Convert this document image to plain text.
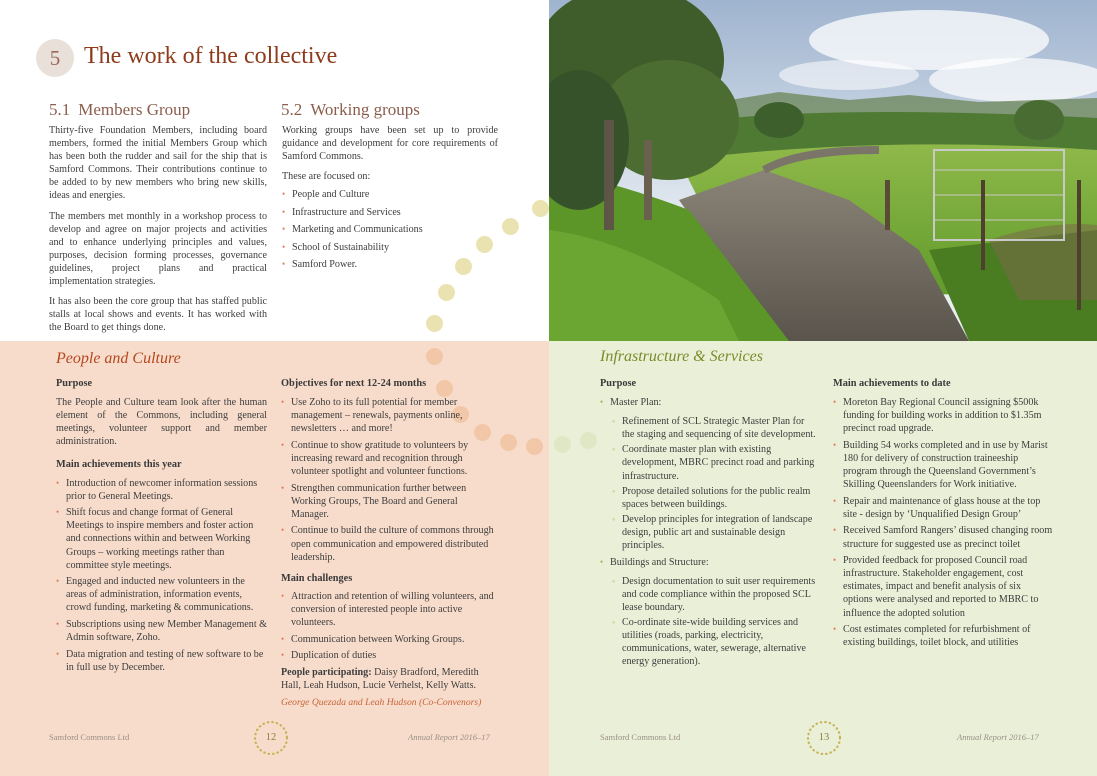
5 The work of the collective
5.1 Members Group

Thirty-five Foundation Members, including board members, formed the initial Members Group which has been both the rudder and sail for the ship that is Samford Commons. Their contributions continue to be added to by new members who bring new skills, ideas and energies.

The members met monthly in a workshop process to develop and agree on major projects and activities and to enhance underlying principles and values, purposes, decision forming processes, governance guidelines, project plans and practical implementation strategies.

It has also been the core group that has staffed public stalls at local shows and events. It has worked with the Board to get things done.

5.2 Working groups

Working groups have been set up to provide guidance and development for core requirements of Samford Commons.

These are focused on:

• People and Culture
• Infrastructure and Services
• Marketing and Communications
• School of Sustainability
• Samford Power.
People and Culture
Purpose

The People and Culture team look after the human element of the Commons, including general meetings, volunteer support and member administration.

Main achievements this year
• Introduction of newcomer information sessions prior to General Meetings.
• Shift focus and change format of General Meetings to inspire members and foster action and connections within and between Working Groups – working meetings rather than committee style meetings.
• Engaged and inducted new volunteers in the areas of administration, information events, crowd funding, marketing & communications.
• Subscriptions using new Member Management & Admin software, Zoho.
• Data migration and testing of new software to be in full use by December.
Objectives for next 12-24 months
• Use Zoho to its full potential for member management – renewals, payments online, newsletters … and more!
• Continue to show gratitude to volunteers by increasing reward and recognition through volunteer spotlight and volunteer functions.
• Strengthen communication further between Working Groups, The Board and General Manager.
• Continue to build the culture of commons through open communication and empowered distributed leadership.
Main challenges
• Attraction and retention of willing volunteers, and conversion of interested people into active volunteers.
• Communication between Working Groups.
• Duplication of duties

People participating: Daisy Bradford, Meredith Hall, Leah Hudson, Lucie Verhelst, Kelly Watts.

George Quezada and Leah Hudson (Co-Convenors)

Infrastructure & Services
Purpose
• Master Plan:
◦ Refinement of SCL Strategic Master Plan for the staging and sequencing of site development.
◦ Coordinate master plan with existing development, MBRC precinct road and parking infrastructure.
◦ Propose detailed solutions for the public realm spaces between buildings.
◦ Develop principles for integration of landscape design, public art and sustainable design principles.
• Buildings and Structure:
◦ Design documentation to suit user requirements and code compliance within the proposed SCL lease boundary.
◦ Co-ordinate site-wide building services and utilities (roads, parking, electricity, communications, water, sewerage, alternative energy generation).
Main achievements to date
• Moreton Bay Regional Council assigning $500k funding for building works in addition to $1.35m precinct road upgrade.
• Building 54 works completed and in use by Marist 180 for delivery of construction traineeship program through the Queensland Government’s Skilling Queenslanders for Work initiative.
• Repair and maintenance of glass house at the top site - design by ‘Unqualified Design Group’
• Received Samford Rangers’ disused changing room structure for suggested use as precinct toilet
• Provided feedback for proposed Council road infrastructure. Stakeholder engagement, cost estimates, impact and benefit analysis of six options were analysed and reported to MBRC to influence the adopted solution
• Cost estimates completed for refurbishment of existing buildings, toilet block, and utilities
Samford Commons Ltd	12	Annual Report 2016–17	Samford Commons Ltd	13	Annual Report 2016–17
